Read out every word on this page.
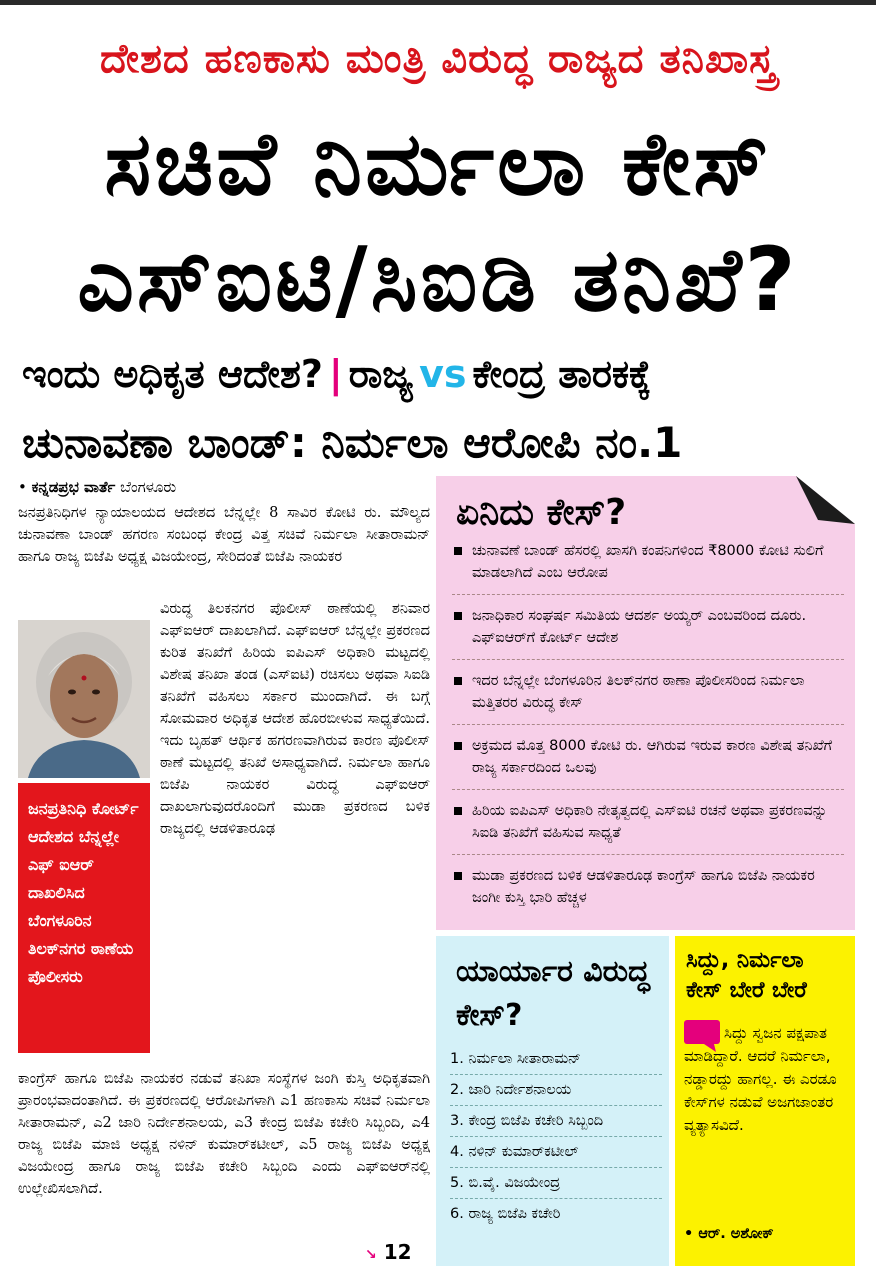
ದೇಶದ ಹಣಕಾಸು ಮಂತ್ರಿ ವಿರುದ್ಧ ರಾಜ್ಯದ ತನಿಖಾಸ್ತ್ರ
ಸಚಿವೆ ನಿರ್ಮಲಾ ಕೇಸ್
ಎಸ್‌ಐಟಿ/ಸಿಐಡಿ ತನಿಖೆ?
ಇಂದು ಅಧಿಕೃತ ಆದೇಶ? | ರಾಜ್ಯ vs ಕೇಂದ್ರ ತಾರಕಕ್ಕೆ
ಚುನಾವಣಾ ಬಾಂಡ್: ನಿರ್ಮಲಾ ಆರೋಪಿ ನಂ.1
• ಕನ್ನಡಪ್ರಭ ವಾರ್ತೆ ಬೆಂಗಳೂರು
ಜನಪ್ರತಿನಿಧಿಗಳ ನ್ಯಾಯಾಲಯದ ಆದೇಶದ ಬೆನ್ನಲ್ಲೇ 8 ಸಾವಿರ ಕೋಟಿ ರು. ಮೌಲ್ಯದ ಚುನಾವಣಾ ಬಾಂಡ್ ಹಗರಣ ಸಂಬಂಧ ಕೇಂದ್ರ ವಿತ್ತ ಸಚಿವೆ ನಿರ್ಮಲಾ ಸೀತಾರಾಮನ್ ಹಾಗೂ ರಾಜ್ಯ ಬಿಜೆಪಿ ಅಧ್ಯಕ್ಷ ವಿಜಯೇಂದ್ರ, ಸೇರಿದಂತೆ ಬಿಜೆಪಿ ನಾಯಕರ
ವಿರುದ್ಧ ತಿಲಕನಗರ ಪೊಲೀಸ್ ಠಾಣೆಯಲ್ಲಿ ಶನಿವಾರ ಎಫ್‌ಐಆರ್ ದಾಖಲಾಗಿದೆ. ಎಫ್‌ಐಆರ್ ಬೆನ್ನಲ್ಲೇ ಪ್ರಕರಣದ ಕುರಿತ ತನಿಖೆಗೆ ಹಿರಿಯ ಐಪಿಎಸ್ ಅಧಿಕಾರಿ ಮಟ್ಟದಲ್ಲಿ ವಿಶೇಷ ತನಿಖಾ ತಂಡ (ಎಸ್‌ಐಟಿ) ರಚಿಸಲು ಅಥವಾ ಸಿಐಡಿ ತನಿಖೆಗೆ ವಹಿಸಲು ಸರ್ಕಾರ ಮುಂದಾಗಿದೆ. ಈ ಬಗ್ಗೆ ಸೋಮವಾರ ಅಧಿಕೃತ ಆದೇಶ ಹೊರಬೀಳುವ ಸಾಧ್ಯತೆಯಿದೆ. ಇದು ಬೃಹತ್ ಆರ್ಥಿಕ ಹಗರಣವಾಗಿರುವ ಕಾರಣ ಪೊಲೀಸ್ ಠಾಣೆ ಮಟ್ಟದಲ್ಲಿ ತನಿಖೆ ಅಸಾಧ್ಯವಾಗಿದೆ. ನಿರ್ಮಲಾ ಹಾಗೂ ಬಿಜೆಪಿ ನಾಯಕರ ವಿರುದ್ಧ ಎಫ್‌ಐಆರ್ ದಾಖಲಾಗುವುದರೊಂದಿಗೆ ಮುಡಾ ಪ್ರಕರಣದ ಬಳಿಕ ರಾಜ್ಯದಲ್ಲಿ ಆಡಳಿತಾರೂಢ
ಜನಪ್ರತಿನಿಧಿ ಕೋರ್ಟ್ ಆದೇಶದ ಬೆನ್ನಲ್ಲೇ ಎಫ್ ಐಆರ್ ದಾಖಲಿಸಿದ ಬೆಂಗಳೂರಿನ ತಿಲಕ್‌ನಗರ ಠಾಣೆಯ ಪೊಲೀಸರು
ಕಾಂಗ್ರೆಸ್ ಹಾಗೂ ಬಿಜೆಪಿ ನಾಯಕರ ನಡುವೆ ತನಿಖಾ ಸಂಸ್ಥೆಗಳ ಜಂಗಿ ಕುಸ್ತಿ ಅಧಿಕೃತವಾಗಿ ಪ್ರಾರಂಭವಾದಂತಾಗಿದೆ. ಈ ಪ್ರಕರಣದಲ್ಲಿ ಆರೋಪಿಗಳಾಗಿ ಎ1 ಹಣಕಾಸು ಸಚಿವೆ ನಿರ್ಮಲಾ ಸೀತಾರಾಮನ್, ಎ2 ಜಾರಿ ನಿರ್ದೇಶನಾಲಯ, ಎ3 ಕೇಂದ್ರ ಬಿಜೆಪಿ ಕಚೇರಿ ಸಿಬ್ಬಂದಿ, ಎ4 ರಾಜ್ಯ ಬಿಜೆಪಿ ಮಾಜಿ ಅಧ್ಯಕ್ಷ ನಳಿನ್ ಕುಮಾರ್‌ಕಟೀಲ್, ಎ5 ರಾಜ್ಯ ಬಿಜೆಪಿ ಅಧ್ಯಕ್ಷ ವಿಜಯೇಂದ್ರ ಹಾಗೂ ರಾಜ್ಯ ಬಿಜೆಪಿ ಕಚೇರಿ ಸಿಬ್ಬಂದಿ ಎಂದು ಎಫ್‌ಐಆರ್‌ನಲ್ಲಿ ಉಲ್ಲೇಖಿಸಲಾಗಿದೆ.
↘ 12
ಏನಿದು ಕೇಸ್?
ಚುನಾವಣೆ ಬಾಂಡ್ ಹೆಸರಲ್ಲಿ ಖಾಸಗಿ ಕಂಪನಿಗಳಿಂದ ₹8000 ಕೋಟಿ ಸುಲಿಗೆ ಮಾಡಲಾಗಿದೆ ಎಂಬ ಆರೋಪ
ಜನಾಧಿಕಾರ ಸಂಘರ್ಷ ಸಮಿತಿಯ ಆದರ್ಶ ಅಯ್ಯರ್ ಎಂಬವರಿಂದ ದೂರು. ಎಫ್‌ಐಆರ್‌ಗೆ ಕೋರ್ಟ್ ಆದೇಶ
ಇದರ ಬೆನ್ನಲ್ಲೇ ಬೆಂಗಳೂರಿನ ತಿಲಕ್‌ನಗರ ಠಾಣಾ ಪೊಲೀಸರಿಂದ ನಿರ್ಮಲಾ ಮತ್ತಿತರರ ವಿರುದ್ಧ ಕೇಸ್
ಅಕ್ರಮದ ಮೊತ್ತ 8000 ಕೋಟಿ ರು. ಆಗಿರುವ ಇರುವ ಕಾರಣ ವಿಶೇಷ ತನಿಖೆಗೆ ರಾಜ್ಯ ಸರ್ಕಾರದಿಂದ ಒಲವು
ಹಿರಿಯ ಐಪಿಎಸ್ ಅಧಿಕಾರಿ ನೇತೃತ್ವದಲ್ಲಿ ಎಸ್‌ಐಟಿ ರಚನೆ ಅಥವಾ ಪ್ರಕರಣವನ್ನು ಸಿಐಡಿ ತನಿಖೆಗೆ ವಹಿಸುವ ಸಾಧ್ಯತೆ
ಮುಡಾ ಪ್ರಕರಣದ ಬಳಿಕ ಆಡಳಿತಾರೂಢ ಕಾಂಗ್ರೆಸ್ ಹಾಗೂ ಬಿಜೆಪಿ ನಾಯಕರ ಜಂಗೀ ಕುಸ್ತಿ ಭಾರಿ ಹೆಚ್ಚಳ
ಯಾರ್ಯಾರ ವಿರುದ್ಧ ಕೇಸ್?
1. ನಿರ್ಮಲಾ ಸೀತಾರಾಮನ್
2. ಜಾರಿ ನಿರ್ದೇಶನಾಲಯ
3. ಕೇಂದ್ರ ಬಿಜೆಪಿ ಕಚೇರಿ ಸಿಬ್ಬಂದಿ
4. ನಳಿನ್ ಕುಮಾರ್‌ಕಟೀಲ್
5. ಬಿ.ವೈ. ವಿಜಯೇಂದ್ರ
6. ರಾಜ್ಯ ಬಿಜೆಪಿ ಕಚೇರಿ
ಸಿದ್ದು, ನಿರ್ಮಲಾ ಕೇಸ್ ಬೇರೆ ಬೇರೆ
ಸಿದ್ದು ಸ್ವಜನ ಪಕ್ಷಪಾತ ಮಾಡಿದ್ದಾರೆ. ಆದರೆ ನಿರ್ಮಲಾ, ನಡ್ಡಾರದ್ದು ಹಾಗಲ್ಲ. ಈ ಎರಡೂ ಕೇಸ್‌ಗಳ ನಡುವೆ ಅಜಗಜಾಂತರ ವ್ಯತ್ಯಾಸವಿದೆ.
• ಆರ್. ಅಶೋಕ್
